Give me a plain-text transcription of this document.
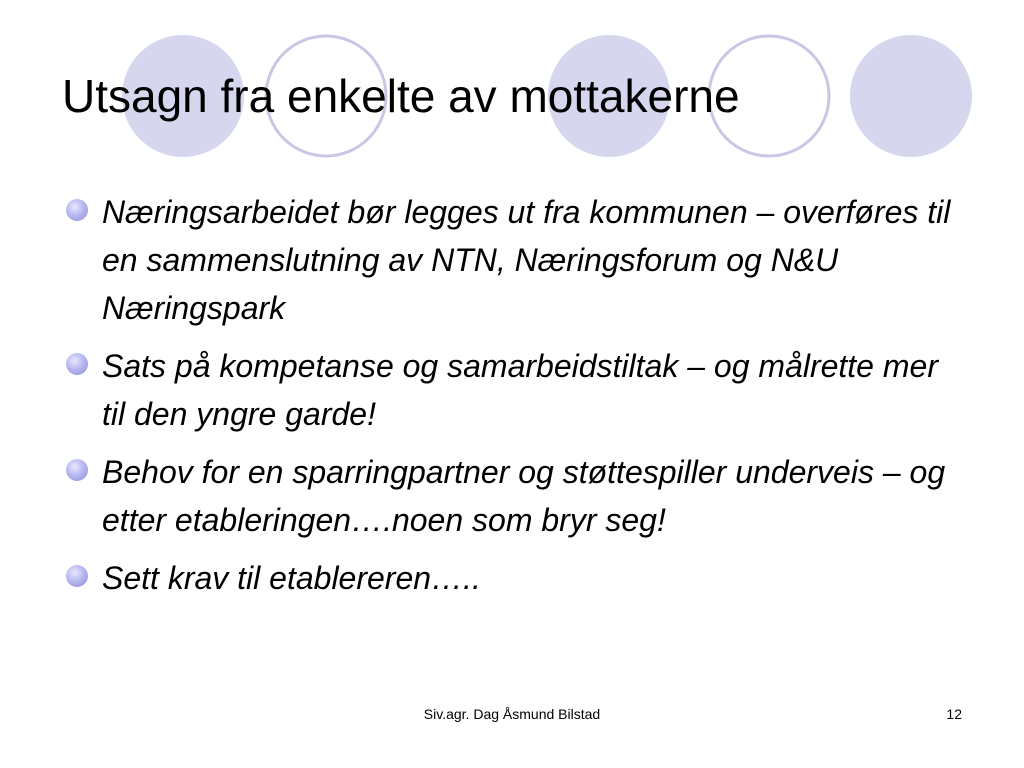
Utsagn fra enkelte av mottakerne
Næringsarbeidet bør legges ut fra kommunen – overføres til en sammenslutning av NTN, Næringsforum og N&U Næringspark
Sats på kompetanse og samarbeidstiltak – og målrette mer til den yngre garde!
Behov for en sparringpartner og støttespiller underveis – og etter etableringen….noen som bryr seg!
Sett krav til etablereren…..
Siv.agr. Dag Åsmund Bilstad	12
